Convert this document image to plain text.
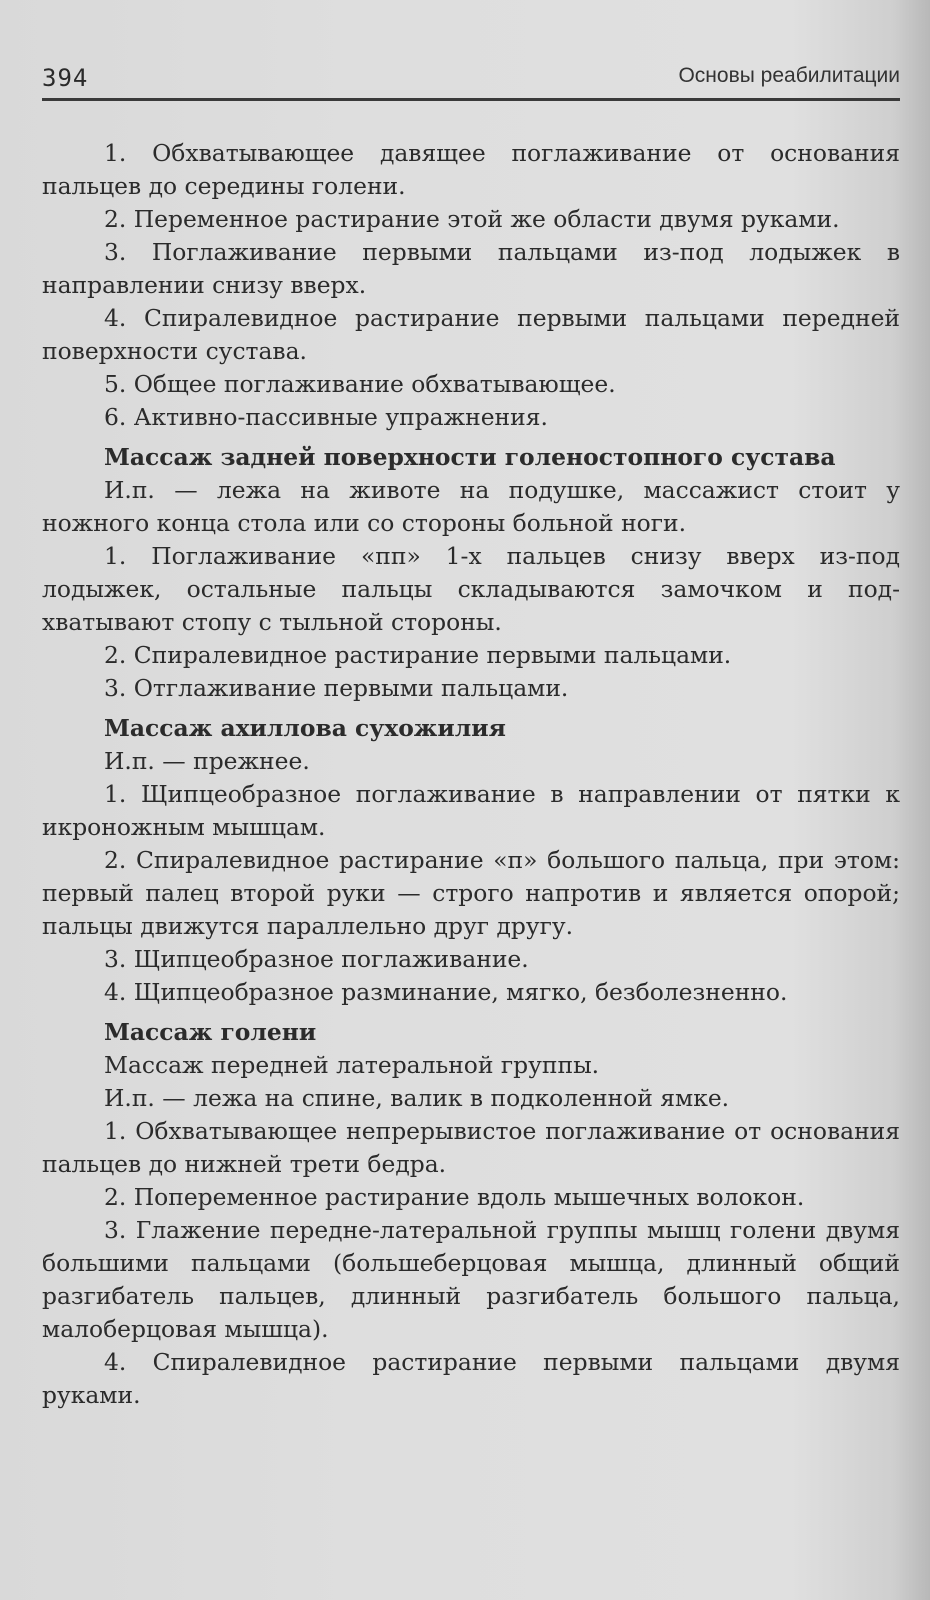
394	Основы реабилитации

1. Обхватывающее давящее поглаживание от основания пальцев до середины голени.

2. Переменное растирание этой же области двумя руками.

3. Поглаживание первыми пальцами из-под лодыжек в направлении снизу вверх.

4. Спиралевидное растирание первыми пальцами передней поверхности сустава.

5. Общее поглаживание обхватывающее.

6. Активно-пассивные упражнения.

Массаж задней поверхности голеностопного сустава

И.п. — лежа на животе на подушке, массажист стоит у ножного конца стола или со стороны больной ноги.

1. Поглаживание «пп» 1-х пальцев снизу вверх из-под лодыжек, остальные пальцы складываются замочком и подхватывают стопу с тыльной стороны.

2. Спиралевидное растирание первыми пальцами.

3. Отглаживание первыми пальцами.

Массаж ахиллова сухожилия

И.п. — прежнее.

1. Щипцеобразное поглаживание в направлении от пятки к икроножным мышцам.

2. Спиралевидное растирание «п» большого пальца, при этом: первый палец второй руки — строго напротив и является опорой; пальцы движутся параллельно друг другу.

3. Щипцеобразное поглаживание.

4. Щипцеобразное разминание, мягко, безболезненно.

Массаж голени

Массаж передней латеральной группы.

И.п. — лежа на спине, валик в подколенной ямке.

1. Обхватывающее непрерывистое поглаживание от основания пальцев до нижней трети бедра.

2. Попеременное растирание вдоль мышечных волокон.

3. Глажение передне-латеральной группы мышц голени двумя большими пальцами (большеберцовая мышца, длинный общий разгибатель пальцев, длинный разгибатель большого пальца, малоберцовая мышца).

4. Спиралевидное растирание первыми пальцами двумя руками.
